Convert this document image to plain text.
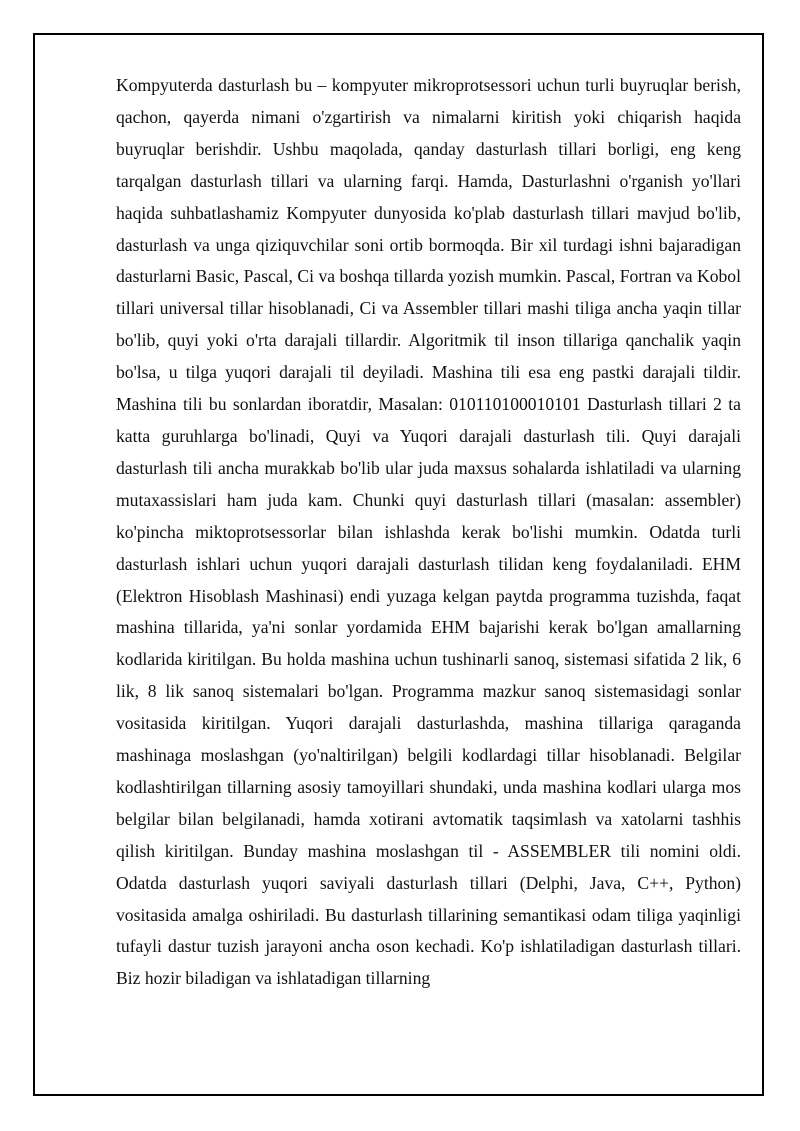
Kompyuterda dasturlash bu – kompyuter mikroprotsessori uchun turli buyruqlar berish, qachon, qayerda nimani o'zgartirish va nimalarni kiritish yoki chiqarish haqida buyruqlar berishdir. Ushbu maqolada, qanday dasturlash tillari borligi, eng keng tarqalgan dasturlash tillari va ularning farqi. Hamda, Dasturlashni o'rganish yo'llari haqida suhbatlashamiz Kompyuter dunyosida ko'plab dasturlash tillari mavjud bo'lib, dasturlash va unga qiziquvchilar soni ortib bormoqda. Bir xil turdagi ishni bajaradigan dasturlarni Basic, Pascal, Ci va boshqa tillarda yozish mumkin. Pascal, Fortran va Kobol tillari universal tillar hisoblanadi, Ci va Assembler tillari mashi tiliga ancha yaqin tillar bo'lib, quyi yoki o'rta darajali tillardir. Algoritmik til inson tillariga qanchalik yaqin bo'lsa, u tilga yuqori darajali til deyiladi. Mashina tili esa eng pastki darajali tildir. Mashina tili bu sonlardan iboratdir, Masalan: 010110100010101 Dasturlash tillari 2 ta katta guruhlarga bo'linadi, Quyi va Yuqori darajali dasturlash tili. Quyi darajali dasturlash tili ancha murakkab bo'lib ular juda maxsus sohalarda ishlatiladi va ularning mutaxassislari ham juda kam. Chunki quyi dasturlash tillari (masalan: assembler) ko'pincha miktoprotsessorlar bilan ishlashda kerak bo'lishi mumkin. Odatda turli dasturlash ishlari uchun yuqori darajali dasturlash tilidan keng foydalaniladi. EHM (Elektron Hisoblash Mashinasi) endi yuzaga kelgan paytda programma tuzishda, faqat mashina tillarida, ya'ni sonlar yordamida EHM bajarishi kerak bo'lgan amallarning kodlarida kiritilgan. Bu holda mashina uchun tushinarli sanoq, sistemasi sifatida 2 lik, 6 lik, 8 lik sanoq sistemalari bo'lgan. Programma mazkur sanoq sistemasidagi sonlar vositasida kiritilgan. Yuqori darajali dasturlashda, mashina tillariga qaraganda mashinaga moslashgan (yo'naltirilgan) belgili kodlardagi tillar hisoblanadi. Belgilar kodlashtirilgan tillarning asosiy tamoyillari shundaki, unda mashina kodlari ularga mos belgilar bilan belgilanadi, hamda xotirani avtomatik taqsimlash va xatolarni tashhis qilish kiritilgan. Bunday mashina moslashgan til - ASSEMBLER tili nomini oldi. Odatda dasturlash yuqori saviyali dasturlash tillari (Delphi, Java, C++, Python) vositasida amalga oshiriladi. Bu dasturlash tillarining semantikasi odam tiliga yaqinligi tufayli dastur tuzish jarayoni ancha oson kechadi. Ko'p ishlatiladigan dasturlash tillari. Biz hozir biladigan va ishlatadigan tillarning
